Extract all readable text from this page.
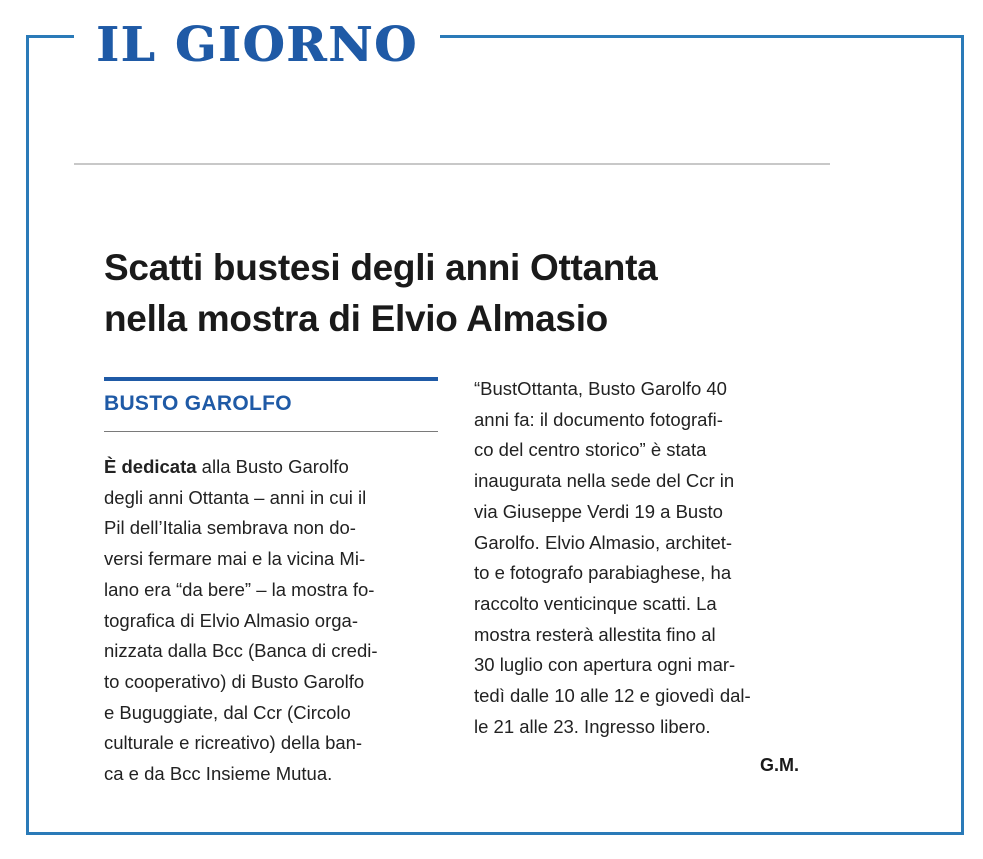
IL GIORNO
Scatti bustesi degli anni Ottanta
nella mostra di Elvio Almasio
BUSTO GAROLFO
È dedicata alla Busto Garolfo
degli anni Ottanta – anni in cui il
Pil dell’Italia sembrava non do-
versi fermare mai e la vicina Mi-
lano era “da bere” – la mostra fo-
tografica di Elvio Almasio orga-
nizzata dalla Bcc (Banca di credi-
to cooperativo) di Busto Garolfo
e Buguggiate, dal Ccr (Circolo
culturale e ricreativo) della ban-
ca e da Bcc Insieme Mutua.
“BustOttanta, Busto Garolfo 40
anni fa: il documento fotografi-
co del centro storico” è stata
inaugurata nella sede del Ccr in
via Giuseppe Verdi 19 a Busto
Garolfo. Elvio Almasio, architet-
to e fotografo parabiaghese, ha
raccolto venticinque scatti. La
mostra resterà allestita fino al
30 luglio con apertura ogni mar-
tedì dalle 10 alle 12 e giovedì dal-
le 21 alle 23. Ingresso libero.

G.M.
